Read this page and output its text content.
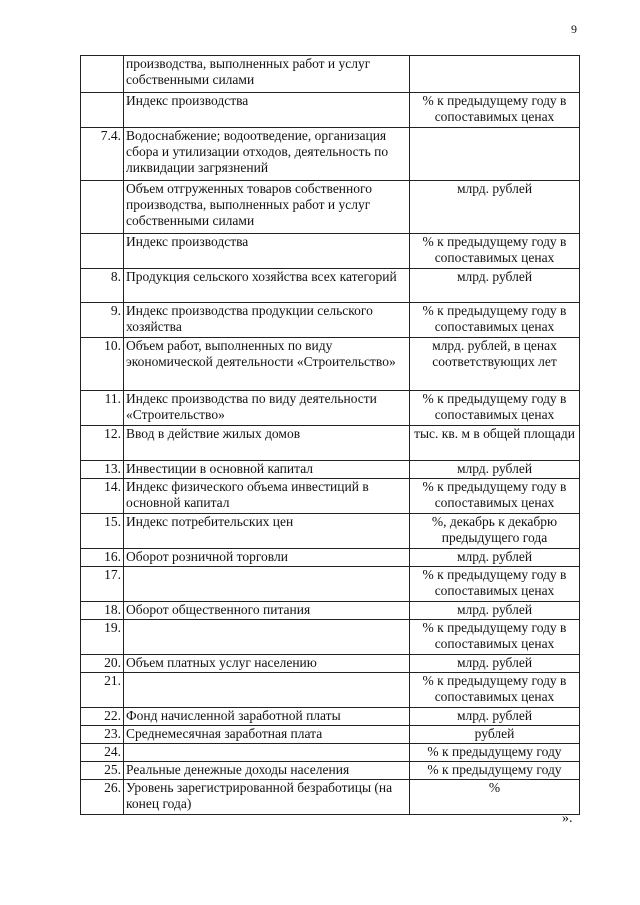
9
	производства, выполненных работ и услуг собственными силами	
	Индекс производства	% к предыдущему году в сопоставимых ценах
7.4.	Водоснабжение; водоотведение, организация сбора и утилизации отходов, деятельность по ликвидации загрязнений	
	Объем отгруженных товаров собственного производства, выполненных работ и услуг собственными силами	млрд. рублей
	Индекс производства	% к предыдущему году в сопоставимых ценах
8.	Продукция сельского хозяйства всех категорий	млрд. рублей
9.	Индекс производства продукции сельского хозяйства	% к предыдущему году в сопоставимых ценах
10.	Объем работ, выполненных по виду экономической деятельности «Строительство»	млрд. рублей, в ценах соответствующих лет
11.	Индекс производства по виду деятельности «Строительство»	% к предыдущему году в сопоставимых ценах
12.	Ввод в действие жилых домов	тыс. кв. м в общей площади
13.	Инвестиции в основной капитал	млрд. рублей
14.	Индекс физического объема инвестиций в основной капитал	% к предыдущему году в сопоставимых ценах
15.	Индекс потребительских цен	%, декабрь к декабрю предыдущего года
16.	Оборот розничной торговли	млрд. рублей
17.		% к предыдущему году в сопоставимых ценах
18.	Оборот общественного питания	млрд. рублей
19.		% к предыдущему году в сопоставимых ценах
20.	Объем платных услуг населению	млрд. рублей
21.		% к предыдущему году в сопоставимых ценах
22.	Фонд начисленной заработной платы	млрд. рублей
23.	Среднемесячная заработная плата	рублей
24.		% к предыдущему году
25.	Реальные денежные доходы населения	% к предыдущему году
26.	Уровень зарегистрированной безработицы (на конец года)	%
».
